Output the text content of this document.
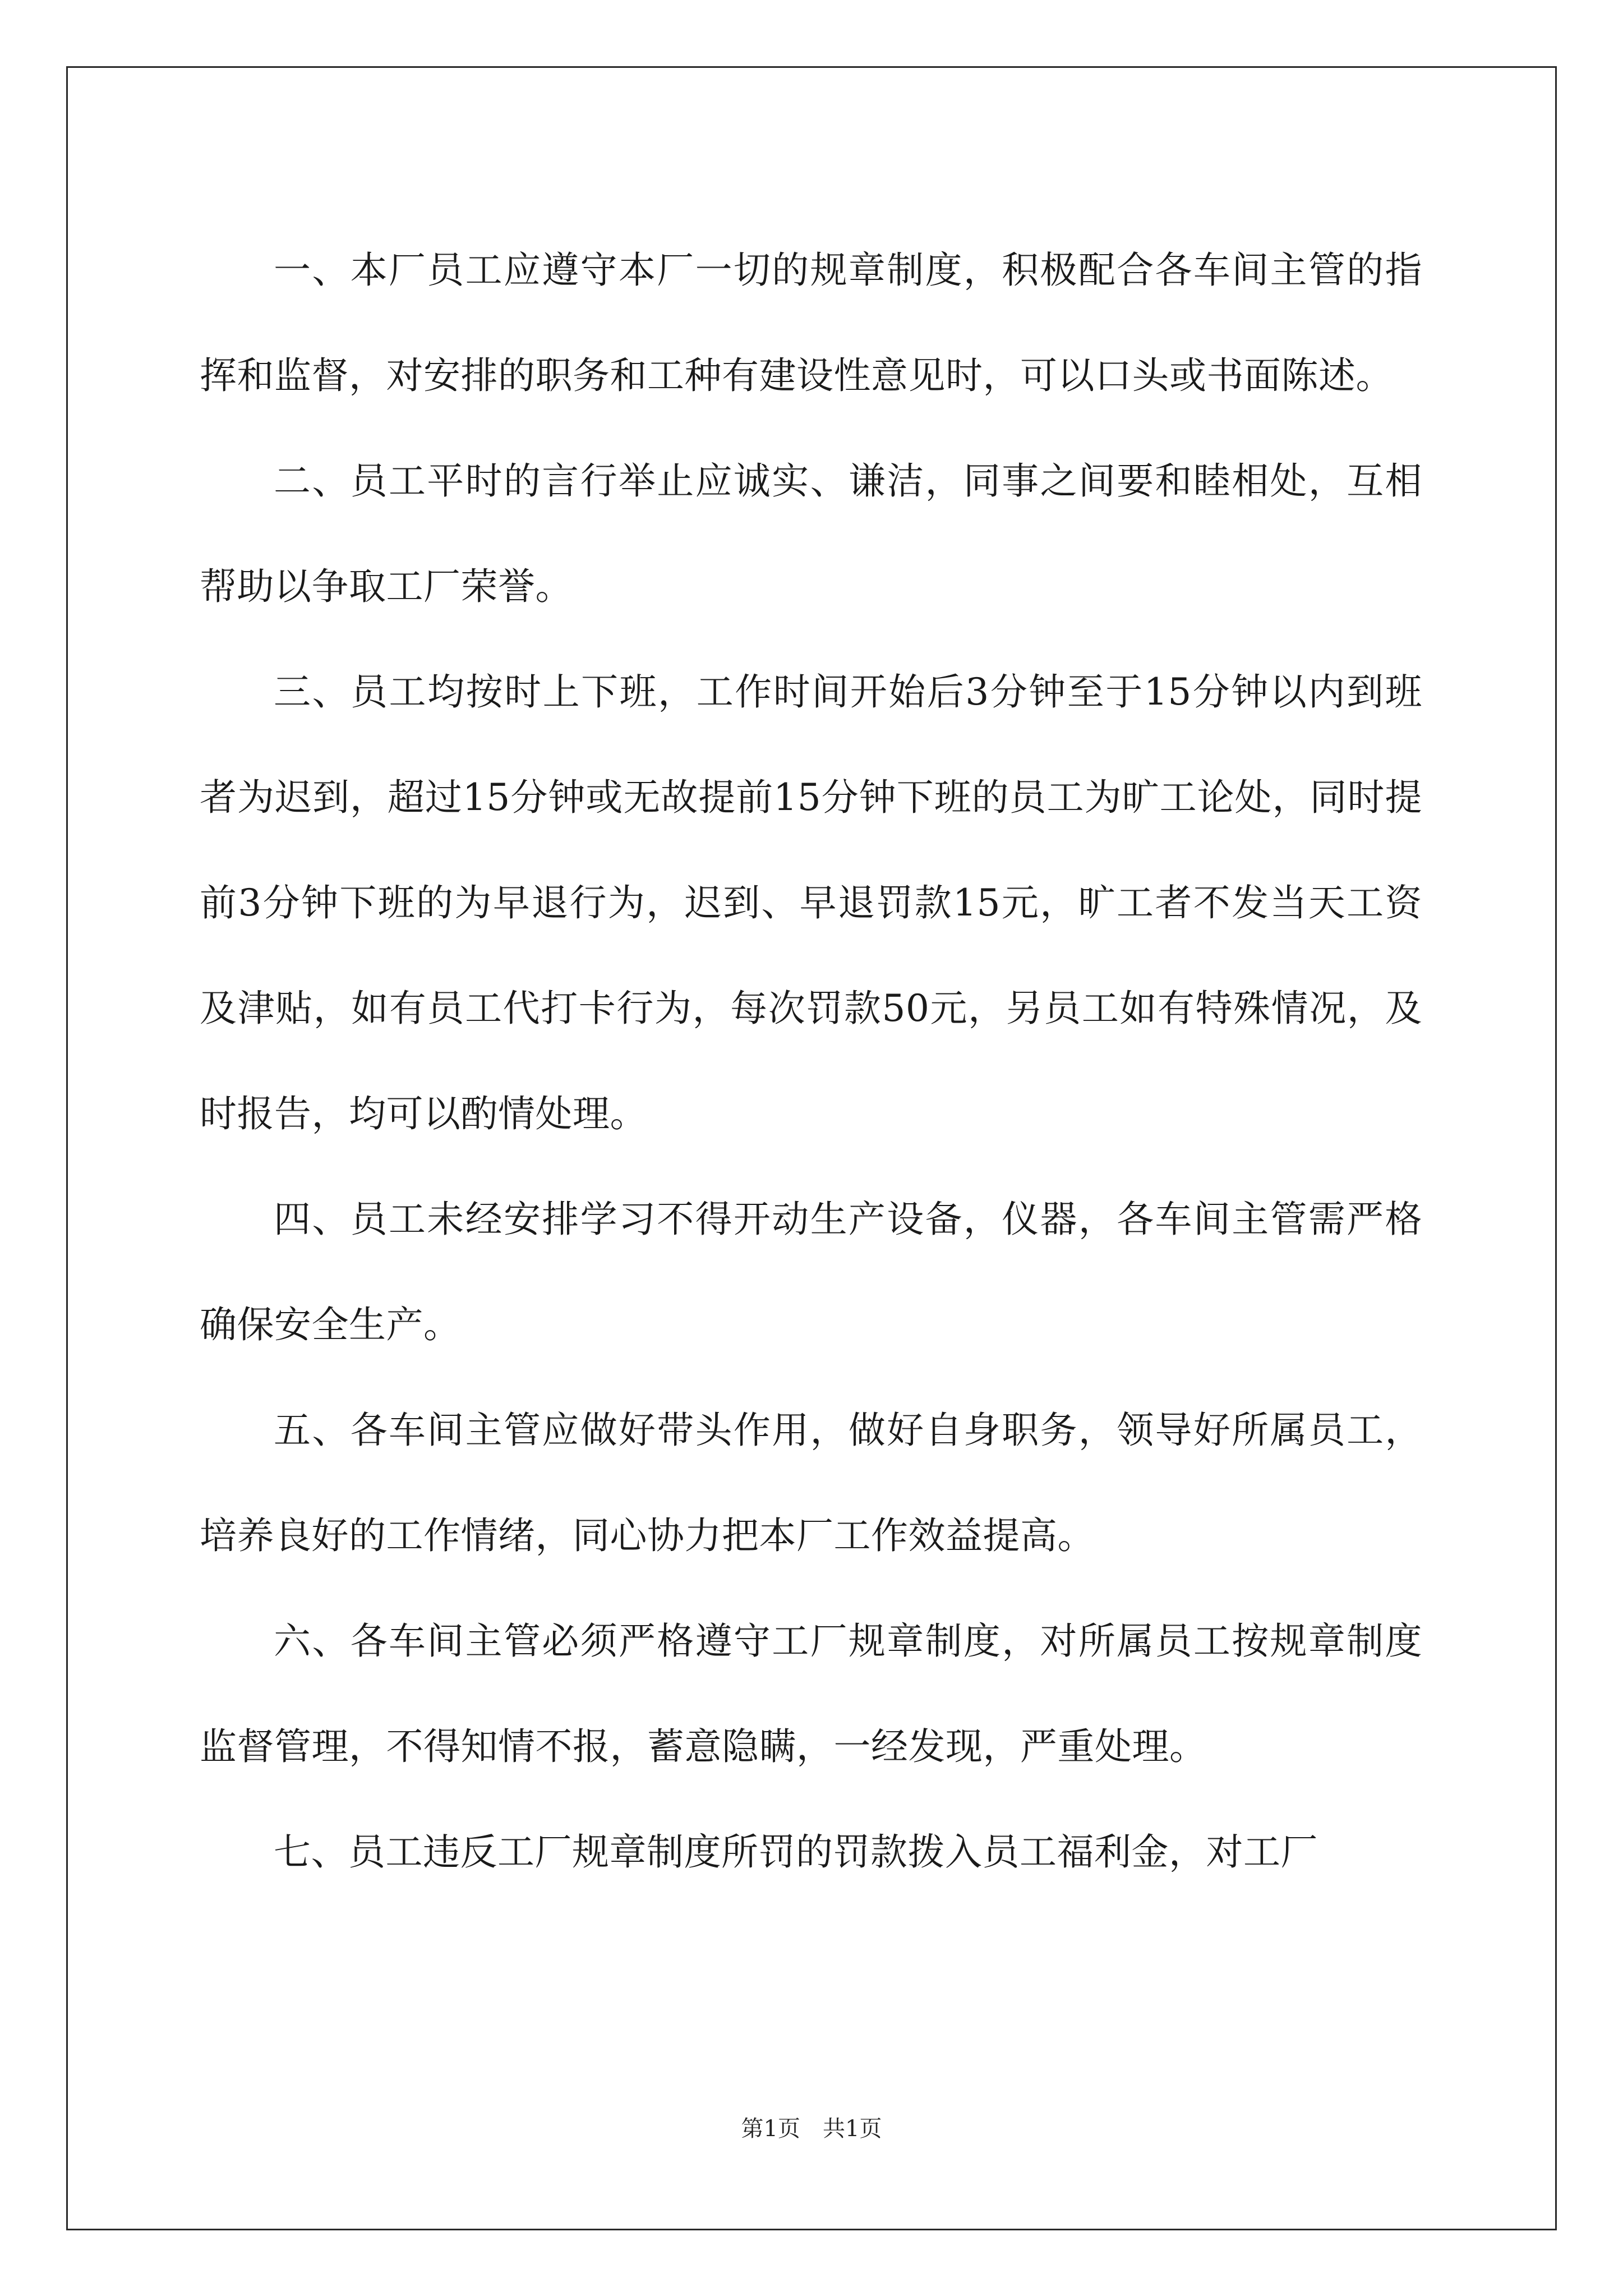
一、本厂员工应遵守本厂一切的规章制度，积极配合各车间主管的指挥和监督，对安排的职务和工种有建设性意见时，可以口头或书面陈述。

二、员工平时的言行举止应诚实、谦洁，同事之间要和睦相处，互相帮助以争取工厂荣誉。

三、员工均按时上下班，工作时间开始后3分钟至于15分钟以内到班者为迟到，超过15分钟或无故提前15分钟下班的员工为旷工论处，同时提前3分钟下班的为早退行为，迟到、早退罚款15元，旷工者不发当天工资及津贴，如有员工代打卡行为，每次罚款50元，另员工如有特殊情况，及时报告，均可以酌情处理。

四、员工未经安排学习不得开动生产设备，仪器，各车间主管需严格确保安全生产。

五、各车间主管应做好带头作用，做好自身职务，领导好所属员工，培养良好的工作情绪，同心协力把本厂工作效益提高。

六、各车间主管必须严格遵守工厂规章制度，对所属员工按规章制度监督管理，不得知情不报，蓄意隐瞒，一经发现，严重处理。

七、员工违反工厂规章制度所罚的罚款拨入员工福利金，对工厂

第1页 共1页
